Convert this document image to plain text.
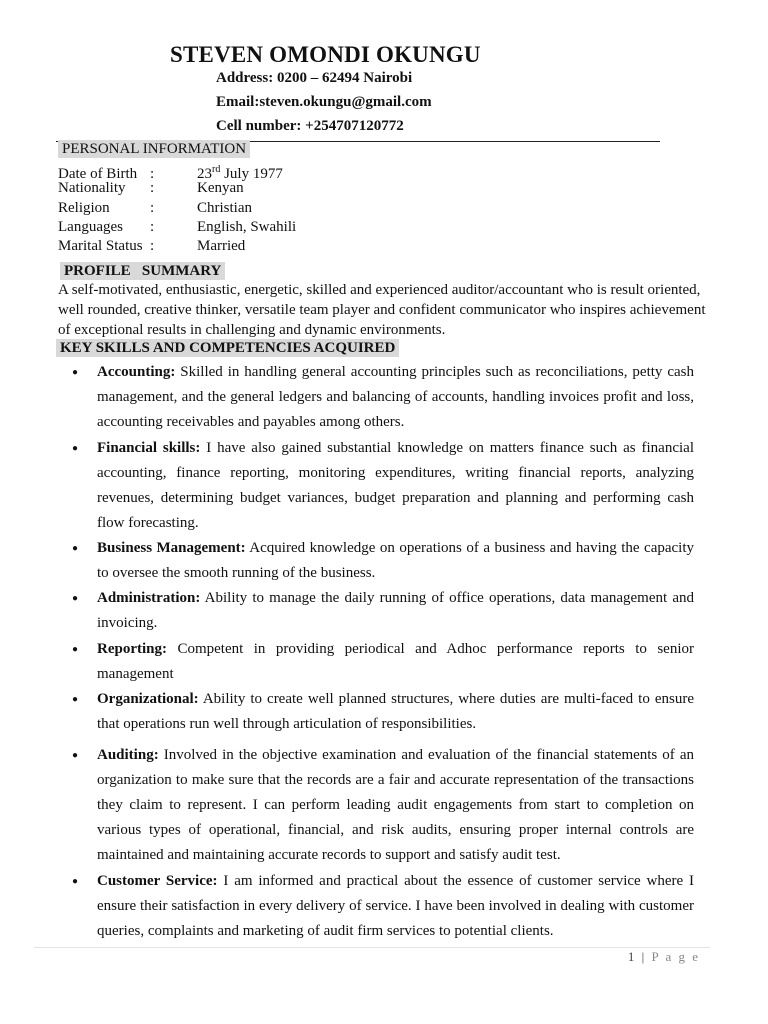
STEVEN OMONDI OKUNGU
Address: 0200 – 62494 Nairobi
Email:steven.okungu@gmail.com
Cell number: +254707120772
PERSONAL INFORMATION
Date of Birth :	23rd July 1977
Nationality :	Kenyan
Religion	:	Christian
Languages :	English, Swahili
Marital Status :	Married
PROFILE   SUMMARY
A self-motivated, enthusiastic, energetic, skilled and experienced auditor/accountant who is result oriented, well rounded, creative thinker, versatile team player and confident communicator who inspires achievement of exceptional results in challenging and dynamic environments.
KEY SKILLS AND COMPETENCIES ACQUIRED
●	Accounting: Skilled in handling general accounting principles such as reconciliations, petty cash management, and the general ledgers and balancing of accounts, handling invoices profit and loss, accounting receivables and payables among others.
●	Financial skills: I have also gained substantial knowledge on matters finance such as financial accounting, finance reporting, monitoring expenditures, writing financial reports, analyzing revenues, determining budget variances, budget preparation and planning and performing cash flow forecasting.
●	Business Management: Acquired knowledge on operations of a business and having the capacity to oversee the smooth running of the business.
●	Administration: Ability to manage the daily running of office operations, data management and invoicing.
●	Reporting: Competent in providing periodical and Adhoc performance reports to senior management
●	Organizational: Ability to create well planned structures, where duties are multi-faced to ensure that operations run well through articulation of responsibilities.
●	Auditing: Involved in the objective examination and evaluation of the financial statements of an organization to make sure that the records are a fair and accurate representation of the transactions they claim to represent. I can perform leading audit engagements from start to completion on various types of operational, financial, and risk audits, ensuring proper internal controls are maintained and maintaining accurate records to support and satisfy audit test.
●	Customer Service: I am informed and practical about the essence of customer service where I ensure their satisfaction in every delivery of service. I have been involved in dealing with customer queries, complaints and marketing of audit firm services to potential clients.
1 | P a g e
